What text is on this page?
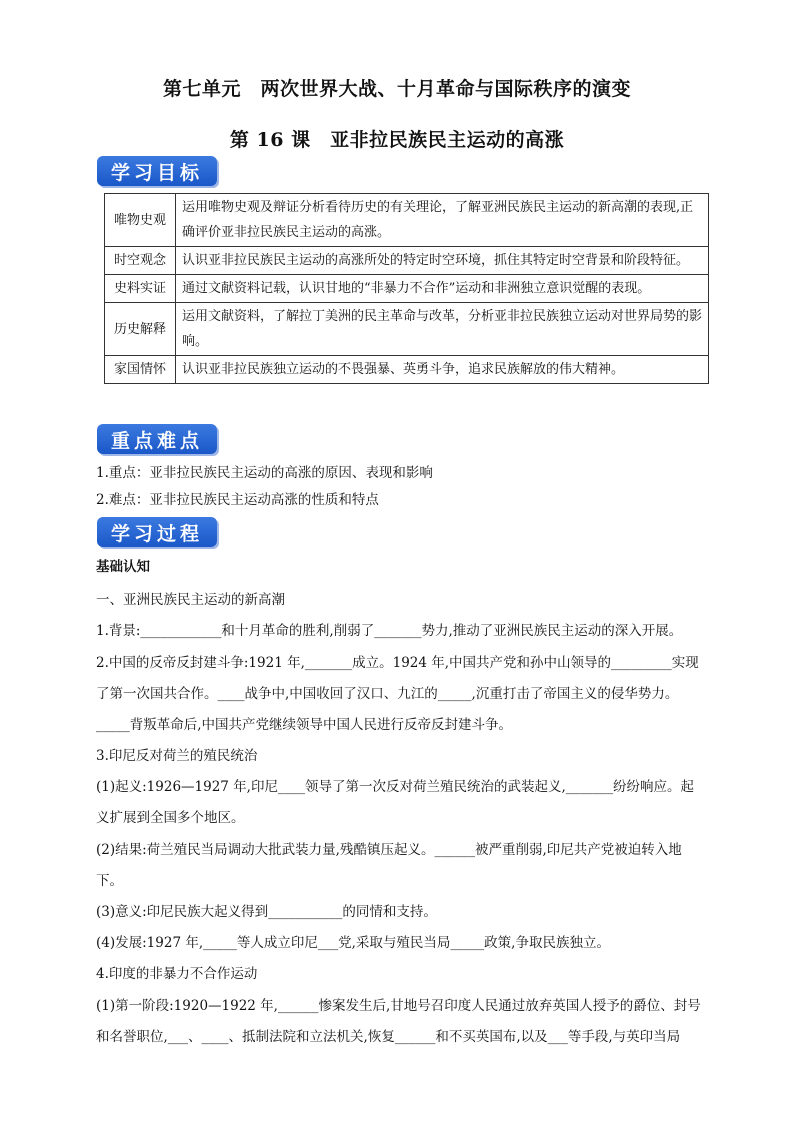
第七单元　两次世界大战、十月革命与国际秩序的演变
第 16 课　亚非拉民族民主运动的高涨
学习目标
唯物史观	运用唯物史观及辩证分析看待历史的有关理论，了解亚洲民族民主运动的新高潮的表现,正确评价亚非拉民族民主运动的高涨。
时空观念	认识亚非拉民族民主运动的高涨所处的特定时空环境，抓住其特定时空背景和阶段特征。
史料实证	通过文献资料记载，认识甘地的“非暴力不合作”运动和非洲独立意识觉醒的表现。
历史解释	运用文献资料，了解拉丁美洲的民主革命与改革，分析亚非拉民族独立运动对世界局势的影响。
家国情怀	认识亚非拉民族独立运动的不畏强暴、英勇斗争，追求民族解放的伟大精神。
重点难点
1.重点：亚非拉民族民主运动的高涨的原因、表现和影响
2.难点：亚非拉民族民主运动高涨的性质和特点
学习过程
基础认知
一、亚洲民族民主运动的新高潮
1.背景:____________和十月革命的胜利,削弱了_______势力,推动了亚洲民族民主运动的深入开展。
2.中国的反帝反封建斗争:1921 年,_______成立。1924 年,中国共产党和孙中山领导的_________实现
了第一次国共合作。____战争中,中国收回了汉口、九江的_____,沉重打击了帝国主义的侵华势力。
_____背叛革命后,中国共产党继续领导中国人民进行反帝反封建斗争。
3.印尼反对荷兰的殖民统治
(1)起义:1926—1927 年,印尼____领导了第一次反对荷兰殖民统治的武装起义,_______纷纷响应。起
义扩展到全国多个地区。
(2)结果:荷兰殖民当局调动大批武装力量,残酷镇压起义。______被严重削弱,印尼共产党被迫转入地
下。
(3)意义:印尼民族大起义得到___________的同情和支持。
(4)发展:1927 年,_____等人成立印尼___党,采取与殖民当局_____政策,争取民族独立。
4.印度的非暴力不合作运动
(1)第一阶段:1920—1922 年,______惨案发生后,甘地号召印度人民通过放弃英国人授予的爵位、封号
和名誉职位,___、____、抵制法院和立法机关,恢复______和不买英国布,以及___等手段,与英印当局
